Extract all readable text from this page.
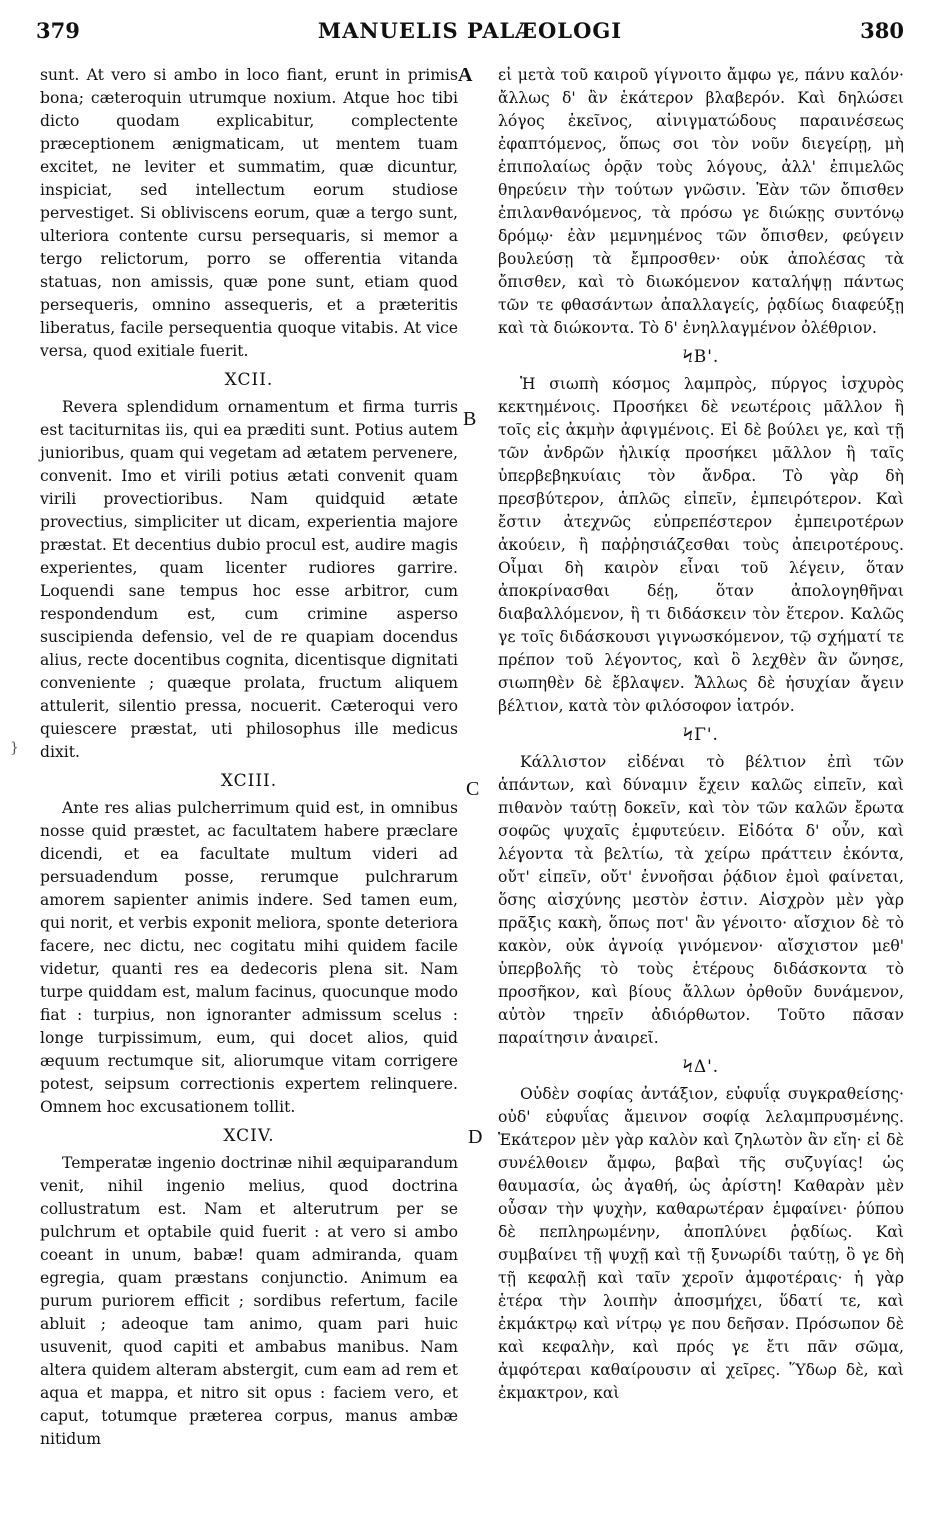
379	MANUELIS PALÆOLOGI	380
A
B
C
D
}

sunt. At vero si ambo in loco fiant, erunt in primis bona; cæteroquin utrumque noxium. Atque hoc tibi dicto quodam explicabitur, complectente præceptionem ænigmaticam, ut mentem tuam excitet, ne leviter et summatim, quæ dicuntur, inspiciat, sed intellectum eorum studiose pervestiget. Si obliviscens eorum, quæ a tergo sunt, ulteriora contente cursu persequaris, si memor a tergo relictorum, porro se offerentia vitanda statuas, non amissis, quæ pone sunt, etiam quod persequeris, omnino assequeris, et a præteritis liberatus, facile persequentia quoque vitabis. At vice versa, quod exitiale fuerit.

XCII.

Revera splendidum ornamentum et firma turris est taciturnitas iis, qui ea præditi sunt. Potius autem junioribus, quam qui vegetam ad ætatem pervenere, convenit. Imo et virili potius ætati convenit quam virili provectioribus. Nam quidquid ætate provectius, simpliciter ut dicam, experientia majore præstat. Et decentius dubio procul est, audire magis experientes, quam licenter rudiores garrire. Loquendi sane tempus hoc esse arbitror, cum respondendum est, cum crimine asperso suscipienda defensio, vel de re quapiam docendus alius, recte docentibus cognita, dicentisque dignitati conveniente ; quæque prolata, fructum aliquem attulerit, silentio pressa, nocuerit. Cæteroqui vero quiescere præstat, uti philosophus ille medicus dixit.

XCIII.

Ante res alias pulcherrimum quid est, in omnibus nosse quid præstet, ac facultatem habere præclare dicendi, et ea facultate multum videri ad persuadendum posse, rerumque pulchrarum amorem sapienter animis indere. Sed tamen eum, qui norit, et verbis exponit meliora, sponte deteriora facere, nec dictu, nec cogitatu mihi quidem facile videtur, quanti res ea dedecoris plena sit. Nam turpe quiddam est, malum facinus, quocunque modo fiat : turpius, non ignoranter admissum scelus : longe turpissimum, eum, qui docet alios, quid æquum rectumque sit, aliorumque vitam corrigere potest, seipsum correctionis expertem relinquere. Omnem hoc excusationem tollit.

XCIV.

Temperatæ ingenio doctrinæ nihil æquiparandum venit, nihil ingenio melius, quod doctrina collustratum est. Nam et alterutrum per se pulchrum et optabile quid fuerit : at vero si ambo coeant in unum, babæ! quam admiranda, quam egregia, quam præstans conjunctio. Animum ea purum puriorem efficit ; sordibus refertum, facile abluit ; adeoque tam animo, quam pari huic usuvenit, quod capiti et ambabus manibus. Nam altera quidem alteram abstergit, cum eam ad rem et aqua et mappa, et nitro sit opus : faciem vero, et caput, totumque præterea corpus, manus ambæ nitidum

εἰ μετὰ τοῦ καιροῦ γίγνοιτο ἄμφω γε, πάνυ καλόν· ἄλλως δ' ἂν ἑκάτερον βλαβερόν. Καὶ δηλώσει λόγος ἐκεῖνος, αἰνιγματώδους παραινέσεως ἐφαπτόμενος, ὅπως σοι τὸν νοῦν διεγείρῃ, μὴ ἐπιπολαίως ὁρᾷν τοὺς λόγους, ἀλλ' ἐπιμελῶς θηρεύειν τὴν τούτων γνῶσιν. Ἐὰν τῶν ὄπισθεν ἐπιλανθανόμενος, τὰ πρόσω γε διώκῃς συντόνῳ δρόμῳ· ἐὰν μεμνημένος τῶν ὄπισθεν, φεύγειν βουλεύσῃ τὰ ἔμπροσθεν· οὐκ ἀπολέσας τὰ ὄπισθεν, καὶ τὸ διωκόμενον καταλήψῃ πάντως τῶν τε φθασάντων ἀπαλλαγείς, ῥᾳδίως διαφεύξῃ καὶ τὰ διώκοντα. Τὸ δ' ἐνηλλαγμένον ὀλέθριον.

ϞΒ'.

Ἡ σιωπὴ κόσμος λαμπρὸς, πύργος ἰσχυρὸς κεκτημένοις. Προσήκει δὲ νεωτέροις μᾶλλον ἢ τοῖς εἰς ἀκμὴν ἀφιγμένοις. Εἰ δὲ βούλει γε, καὶ τῇ τῶν ἀνδρῶν ἡλικίᾳ προσήκει μᾶλλον ἢ ταῖς ὑπερβεβηκυίαις τὸν ἄνδρα. Τὸ γὰρ δὴ πρεσβύτερον, ἁπλῶς εἰπεῖν, ἐμπειρότερον. Καὶ ἔστιν ἀτεχνῶς εὐπρεπέστερον ἐμπειροτέρων ἀκούειν, ἢ παῤῥησιάζεσθαι τοὺς ἀπειροτέρους. Οἶμαι δὴ καιρὸν εἶναι τοῦ λέγειν, ὅταν ἀποκρίνασθαι δέῃ, ὅταν ἀπολογηθῆναι διαβαλλόμενον, ἢ τι διδάσκειν τὸν ἕτερον. Καλῶς γε τοῖς διδάσκουσι γιγνωσκόμενον, τῷ σχήματί τε πρέπον τοῦ λέγοντος, καὶ ὃ λεχθὲν ἂν ὤνησε, σιωπηθὲν δὲ ἔβλαψεν. Ἄλλως δὲ ἡσυχίαν ἄγειν βέλτιον, κατὰ τὸν φιλόσοφον ἰατρόν.

ϞΓ'.

Κάλλιστον εἰδέναι τὸ βέλτιον ἐπὶ τῶν ἁπάντων, καὶ δύναμιν ἔχειν καλῶς εἰπεῖν, καὶ πιθανὸν ταύτῃ δοκεῖν, καὶ τὸν τῶν καλῶν ἔρωτα σοφῶς ψυχαῖς ἐμφυτεύειν. Εἰδότα δ' οὖν, καὶ λέγοντα τὰ βελτίω, τὰ χείρω πράττειν ἑκόντα, οὔτ' εἰπεῖν, οὔτ' ἐννοῆσαι ῥᾴδιον ἐμοὶ φαίνεται, ὅσης αἰσχύνης μεστὸν ἐστιν. Αἰσχρὸν μὲν γὰρ πρᾶξις κακὴ, ὅπως ποτ' ἂν γένοιτο· αἴσχιον δὲ τὸ κακὸν, οὐκ ἀγνοίᾳ γινόμενον· αἴσχιστον μεθ' ὑπερβολῆς τὸ τοὺς ἑτέρους διδάσκοντα τὸ προσῆκον, καὶ βίους ἄλλων ὀρθοῦν δυνάμενον, αὐτὸν τηρεῖν ἀδιόρθωτον. Τοῦτο πᾶσαν παραίτησιν ἀναιρεῖ.

ϞΔ'.

Οὐδὲν σοφίας ἀντάξιον, εὐφυΐᾳ συγκραθείσης· οὐδ' εὐφυΐας ἄμεινον σοφίᾳ λελαμπρυσμένης. Ἑκάτερον μὲν γὰρ καλὸν καὶ ζηλωτὸν ἂν εἴη· εἰ δὲ συνέλθοιεν ἄμφω, βαβαὶ τῆς συζυγίας! ὡς θαυμασία, ὡς ἀγαθή, ὡς ἀρίστη! Καθαρὰν μὲν οὖσαν τὴν ψυχὴν, καθαρωτέραν ἐμφαίνει· ῥύπου δὲ πεπληρωμένην, ἀποπλύνει ῥᾳδίως. Καὶ συμβαίνει τῇ ψυχῇ καὶ τῇ ξυνωρίδι ταύτῃ, ὃ γε δὴ τῇ κεφαλῇ καὶ ταῖν χεροῖν ἀμφοτέραις· ἡ γὰρ ἑτέρα τὴν λοιπὴν ἀποσμήχει, ὕδατί τε, καὶ ἐκμάκτρῳ καὶ νίτρῳ γε που δεῆσαν. Πρόσωπον δὲ καὶ κεφαλὴν, καὶ πρός γε ἔτι πᾶν σῶμα, ἀμφότεραι καθαίρουσιν αἱ χεῖρες. Ὕδωρ δὲ, καὶ ἐκμακτρον, καὶ
